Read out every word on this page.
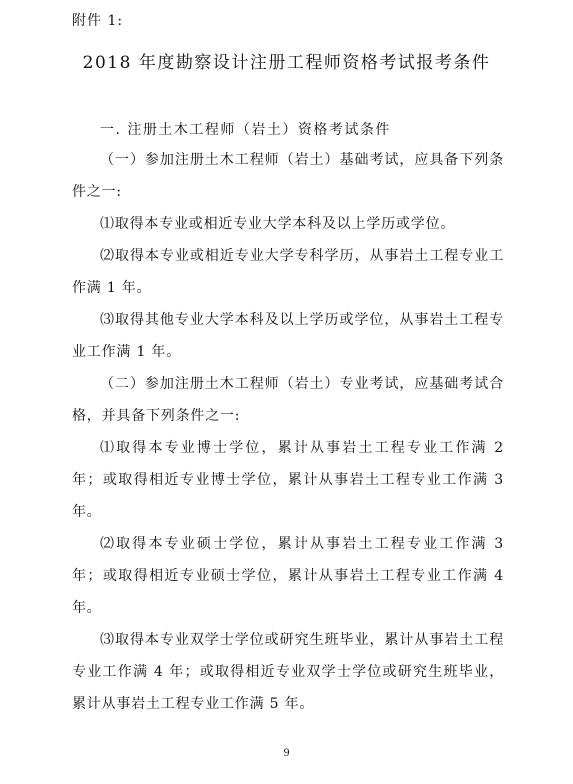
附件 1:
2018 年度勘察设计注册工程师资格考试报考条件
一. 注册土木工程师（岩土）资格考试条件

（一）参加注册土木工程师（岩土）基础考试，应具备下列条件之一:

⑴取得本专业或相近专业大学本科及以上学历或学位。

⑵取得本专业或相近专业大学专科学历，从事岩土工程专业工作满 1 年。

⑶取得其他专业大学本科及以上学历或学位，从事岩土工程专业工作满 1 年。

（二）参加注册土木工程师（岩土）专业考试，应基础考试合格，并具备下列条件之一:

⑴取得本专业博士学位，累计从事岩土工程专业工作满 2 年；或取得相近专业博士学位，累计从事岩土工程专业工作满 3 年。

⑵取得本专业硕士学位，累计从事岩土工程专业工作满 3 年；或取得相近专业硕士学位，累计从事岩土工程专业工作满 4 年。

⑶取得本专业双学士学位或研究生班毕业，累计从事岩土工程专业工作满 4 年；或取得相近专业双学士学位或研究生班毕业，累计从事岩土工程专业工作满 5 年。

9
